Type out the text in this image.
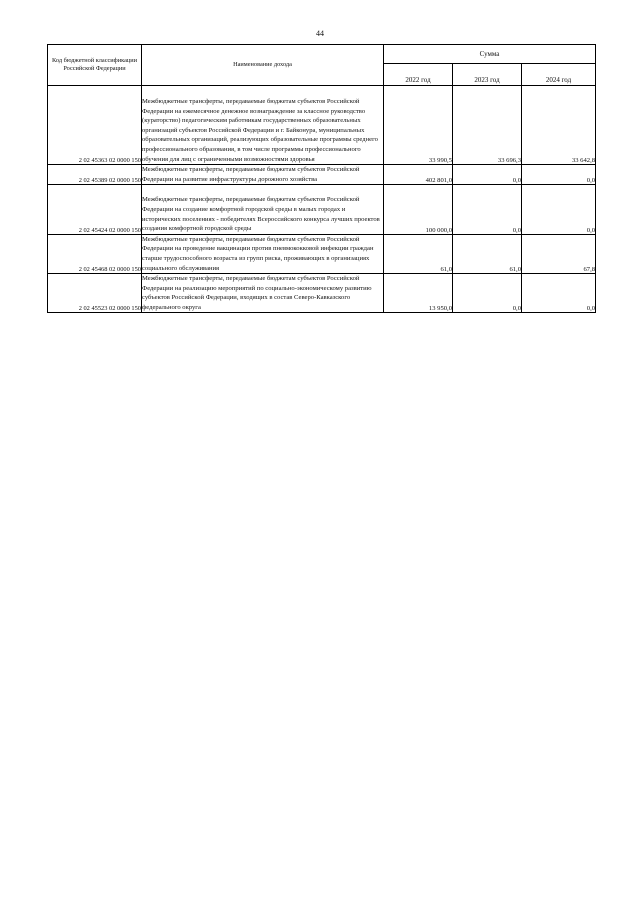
44
Код бюджетной классификации Российской Федерации	Наименование дохода	Сумма		
		2022 год	2023 год	2024 год
2 02 45363 02 0000 150	Межбюджетные трансферты, передаваемые бюджетам субъектов Российской Федерации на ежемесячное денежное вознаграждение за классное руководство (кураторство) педагогическим работникам государственных образовательных организаций субъектов Российской Федерации и г. Байконура, муниципальных образовательных организаций, реализующих образовательные программы среднего профессионального образования, в том числе программы профессионального обучения для лиц с ограниченными возможностями здоровья	33 990,5	33 696,3	33 642,8
2 02 45389 02 0000 150	Межбюджетные трансферты, передаваемые бюджетам субъектов Российской Федерации на развитие инфраструктуры дорожного хозяйства	402 801,0	0,0	0,0
2 02 45424 02 0000 150	Межбюджетные трансферты, передаваемые бюджетам субъектов Российской Федерации на создание комфортной городской среды в малых городах и исторических поселениях - победителях Всероссийского конкурса лучших проектов создания комфортной городской среды	100 000,0	0,0	0,0
2 02 45468 02 0000 150	Межбюджетные трансферты, передаваемые бюджетам субъектов Российской Федерации на проведение вакцинации против пневмококковой инфекции граждан старше трудоспособного возраста из групп риска, проживающих в организациях социального обслуживания	61,0	61,0	67,8
2 02 45523 02 0000 150	Межбюджетные трансферты, передаваемые бюджетам субъектов Российской Федерации на реализацию мероприятий по социально-экономическому развитию субъектов Российской Федерации, входящих в состав Северо-Кавказского федерального округа	13 950,0	0,0	0,0
